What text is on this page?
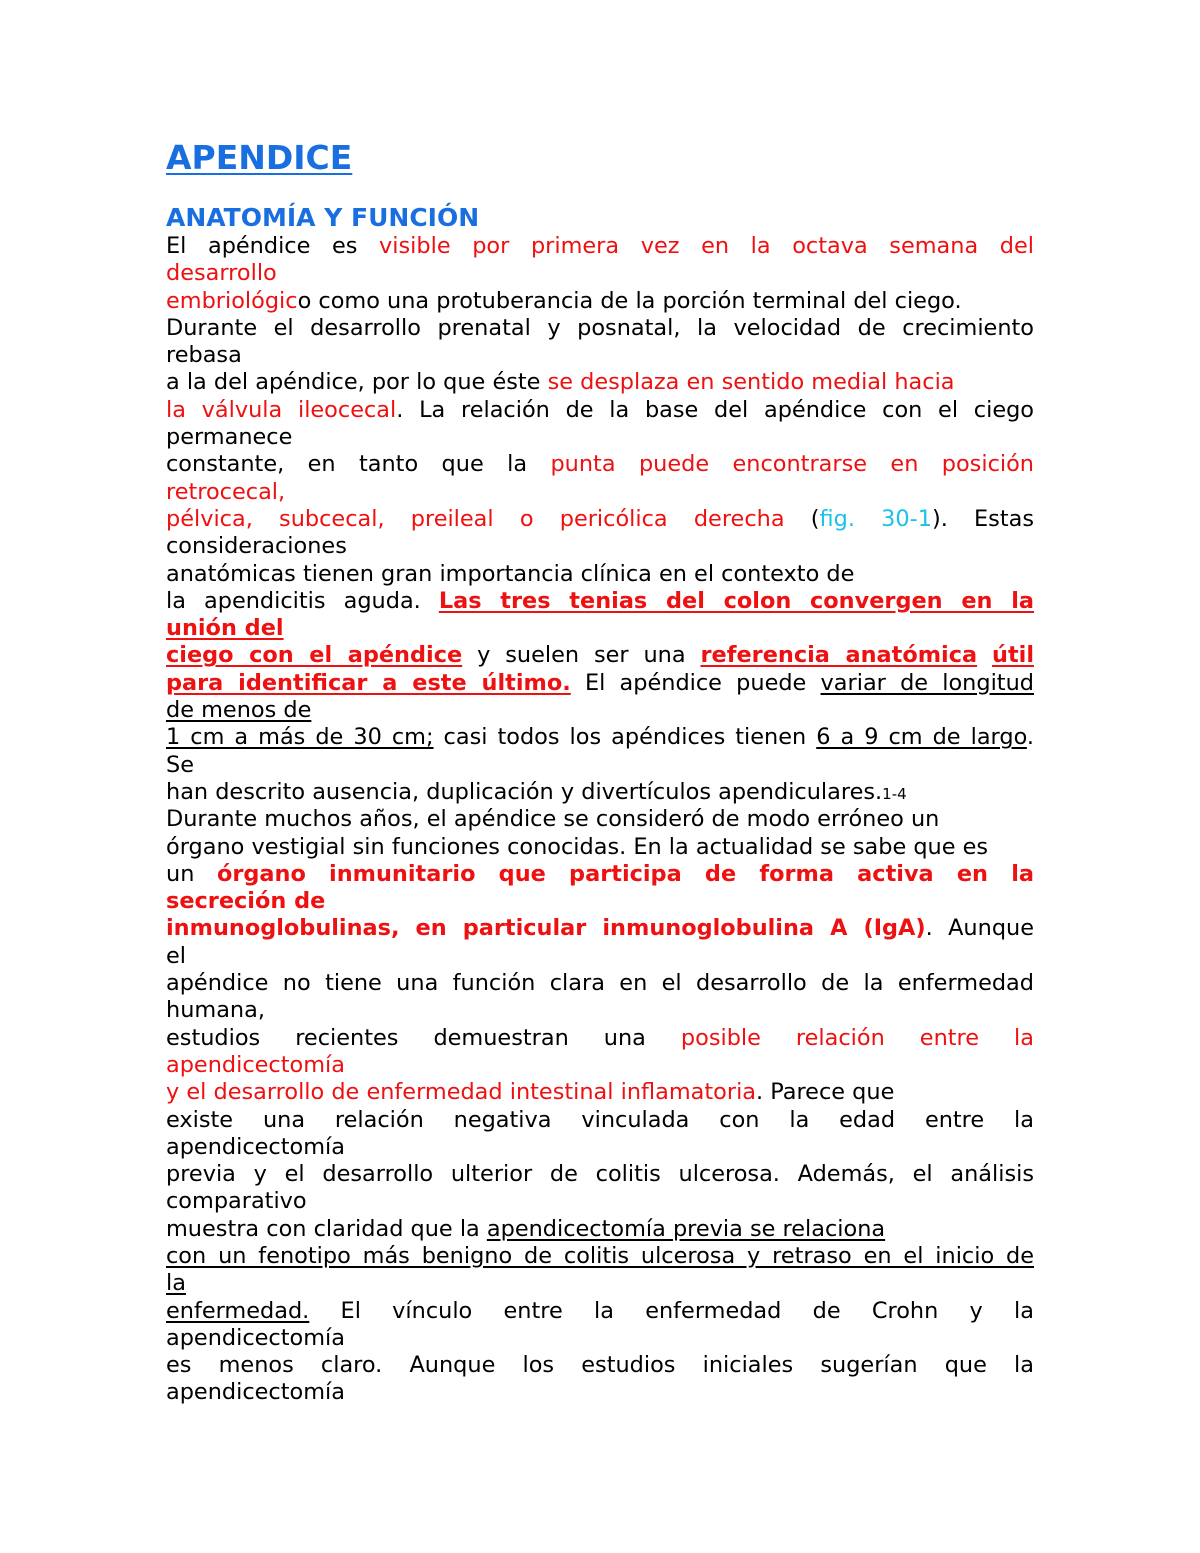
APENDICE
ANATOMÍA Y FUNCIÓN
El apéndice es visible por primera vez en la octava semana del
desarrollo
embriológico como una protuberancia de la porción terminal del ciego.
Durante el desarrollo prenatal y posnatal, la velocidad de crecimiento
rebasa
a la del apéndice, por lo que éste se desplaza en sentido medial hacia
la válvula ileocecal. La relación de la base del apéndice con el ciego
permanece
constante, en tanto que la punta puede encontrarse en posición
retrocecal,
pélvica, subcecal, preileal o pericólica derecha (fig. 30-1). Estas
consideraciones
anatómicas tienen gran importancia clínica en el contexto de
la apendicitis aguda. Las tres tenias del colon convergen en la
unión del
ciego con el apéndice y suelen ser una referencia anatómica útil
para identificar a este último. El apéndice puede variar de longitud
de menos de
1 cm a más de 30 cm; casi todos los apéndices tienen 6 a 9 cm de largo.
Se
han descrito ausencia, duplicación y divertículos apendiculares.1-4
Durante muchos años, el apéndice se consideró de modo erróneo un
órgano vestigial sin funciones conocidas. En la actualidad se sabe que es
un órgano inmunitario que participa de forma activa en la
secreción de
inmunoglobulinas, en particular inmunoglobulina A (IgA). Aunque
el
apéndice no tiene una función clara en el desarrollo de la enfermedad
humana,
estudios recientes demuestran una posible relación entre la
apendicectomía
y el desarrollo de enfermedad intestinal inflamatoria. Parece que
existe una relación negativa vinculada con la edad entre la
apendicectomía
previa y el desarrollo ulterior de colitis ulcerosa. Además, el análisis
comparativo
muestra con claridad que la apendicectomía previa se relaciona
con un fenotipo más benigno de colitis ulcerosa y retraso en el inicio de
la
enfermedad. El vínculo entre la enfermedad de Crohn y la
apendicectomía
es menos claro. Aunque los estudios iniciales sugerían que la
apendicectomía
